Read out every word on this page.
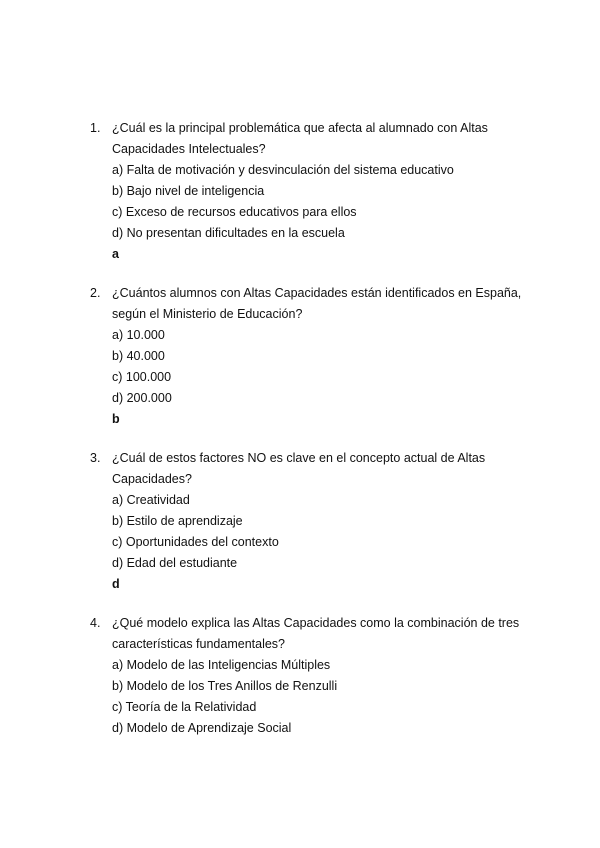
1. ¿Cuál es la principal problemática que afecta al alumnado con Altas Capacidades Intelectuales?
a) Falta de motivación y desvinculación del sistema educativo
b) Bajo nivel de inteligencia
c) Exceso de recursos educativos para ellos
d) No presentan dificultades en la escuela
a
2. ¿Cuántos alumnos con Altas Capacidades están identificados en España, según el Ministerio de Educación?
a) 10.000
b) 40.000
c) 100.000
d) 200.000
b
3. ¿Cuál de estos factores NO es clave en el concepto actual de Altas Capacidades?
a) Creatividad
b) Estilo de aprendizaje
c) Oportunidades del contexto
d) Edad del estudiante
d
4. ¿Qué modelo explica las Altas Capacidades como la combinación de tres características fundamentales?
a) Modelo de las Inteligencias Múltiples
b) Modelo de los Tres Anillos de Renzulli
c) Teoría de la Relatividad
d) Modelo de Aprendizaje Social
